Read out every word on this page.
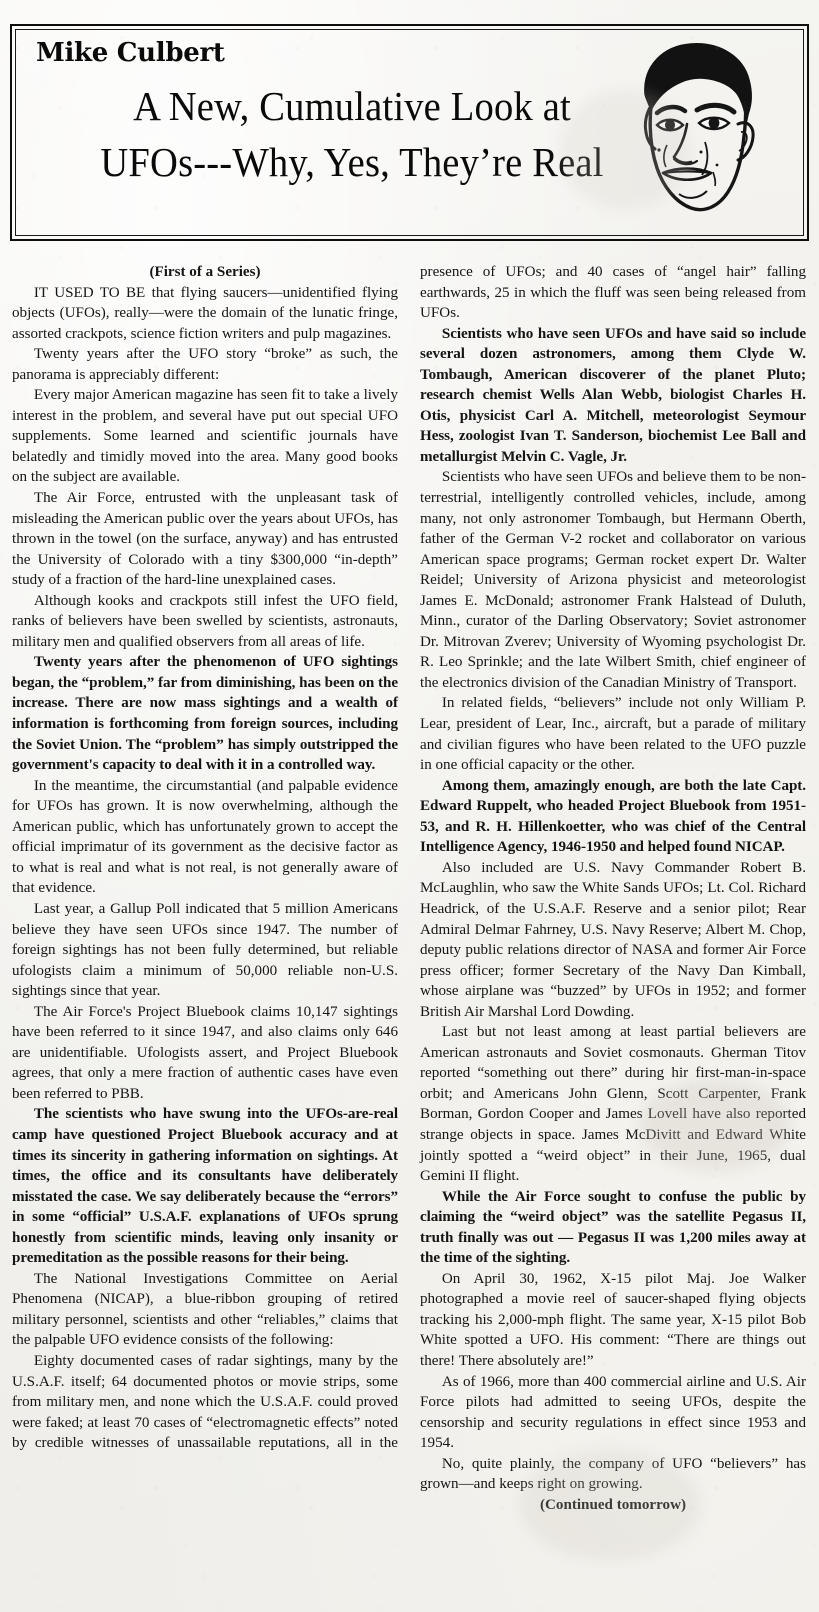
Mike Culbert
A New, Cumulative Look at
UFOs---Why, Yes, They’re Real

(First of a Series)

IT USED TO BE that flying saucers—unidentified flying objects (UFOs), really—were the domain of the lunatic fringe, assorted crackpots, science fiction writers and pulp magazines.

Twenty years after the UFO story “broke” as such, the panorama is appreciably different:

Every major American magazine has seen fit to take a lively interest in the problem, and several have put out special UFO supplements. Some learned and scientific journals have belatedly and timidly moved into the area. Many good books on the subject are available.

The Air Force, entrusted with the unpleasant task of misleading the American public over the years about UFOs, has thrown in the towel (on the surface, anyway) and has entrusted the University of Colorado with a tiny $300,000 “in-depth” study of a fraction of the hard-line unexplained cases.

Although kooks and crackpots still infest the UFO field, ranks of believers have been swelled by scientists, astronauts, military men and qualified observers from all areas of life.

Twenty years after the phenomenon of UFO sightings began, the “problem,” far from diminishing, has been on the increase. There are now mass sightings and a wealth of information is forthcoming from foreign sources, including the Soviet Union. The “problem” has simply outstripped the government's capacity to deal with it in a controlled way.

In the meantime, the circumstantial (and palpable evidence for UFOs has grown. It is now overwhelming, although the American public, which has unfortunately grown to accept the official imprimatur of its government as the decisive factor as to what is real and what is not real, is not generally aware of that evidence.

Last year, a Gallup Poll indicated that 5 million Americans believe they have seen UFOs since 1947. The number of foreign sightings has not been fully determined, but reliable ufologists claim a minimum of 50,000 reliable non-U.S. sightings since that year.

The Air Force's Project Bluebook claims 10,147 sightings have been referred to it since 1947, and also claims only 646 are unidentifiable. Ufologists assert, and Project Bluebook agrees, that only a mere fraction of authentic cases have even been referred to PBB.

The scientists who have swung into the UFOs-are-real camp have questioned Project Bluebook accuracy and at times its sincerity in gathering information on sightings. At times, the office and its consultants have deliberately misstated the case. We say deliberately because the “errors” in some “official” U.S.A.F. explanations of UFOs sprung honestly from scientific minds, leaving only insanity or premeditation as the possible reasons for their being.

The National Investigations Committee on Aerial Phenomena (NICAP), a blue-ribbon grouping of retired military personnel, scientists and other “reliables,” claims that the palpable UFO evidence consists of the following:

Eighty documented cases of radar sightings, many by the U.S.A.F. itself; 64 documented photos or movie strips, some from military men, and none which the U.S.A.F. could proved were faked; at least 70 cases of “electromagnetic effects” noted by credible witnesses of unassailable reputations, all in the

presence of UFOs; and 40 cases of “angel hair” falling earthwards, 25 in which the fluff was seen being released from UFOs.

Scientists who have seen UFOs and have said so include several dozen astronomers, among them Clyde W. Tombaugh, American discoverer of the planet Pluto; research chemist Wells Alan Webb, biologist Charles H. Otis, physicist Carl A. Mitchell, meteorologist Seymour Hess, zoologist Ivan T. Sanderson, biochemist Lee Ball and metallurgist Melvin C. Vagle, Jr.

Scientists who have seen UFOs and believe them to be non-terrestrial, intelligently controlled vehicles, include, among many, not only astronomer Tombaugh, but Hermann Oberth, father of the German V-2 rocket and collaborator on various American space programs; German rocket expert Dr. Walter Reidel; University of Arizona physicist and meteorologist James E. McDonald; astronomer Frank Halstead of Duluth, Minn., curator of the Darling Observatory; Soviet astronomer Dr. Mitrovan Zverev; University of Wyoming psychologist Dr. R. Leo Sprinkle; and the late Wilbert Smith, chief engineer of the electronics division of the Canadian Ministry of Transport.

In related fields, “believers” include not only William P. Lear, president of Lear, Inc., aircraft, but a parade of military and civilian figures who have been related to the UFO puzzle in one official capacity or the other.

Among them, amazingly enough, are both the late Capt. Edward Ruppelt, who headed Project Bluebook from 1951-53, and R. H. Hillenkoetter, who was chief of the Central Intelligence Agency, 1946-1950 and helped found NICAP.

Also included are U.S. Navy Commander Robert B. McLaughlin, who saw the White Sands UFOs; Lt. Col. Richard Headrick, of the U.S.A.F. Reserve and a senior pilot; Rear Admiral Delmar Fahrney, U.S. Navy Reserve; Albert M. Chop, deputy public relations director of NASA and former Air Force press officer; former Secretary of the Navy Dan Kimball, whose airplane was “buzzed” by UFOs in 1952; and former British Air Marshal Lord Dowding.

Last but not least among at least partial believers are American astronauts and Soviet cosmonauts. Gherman Titov reported “something out there” during hir first-man-in-space orbit; and Americans John Glenn, Scott Carpenter, Frank Borman, Gordon Cooper and James Lovell have also reported strange objects in space. James McDivitt and Edward White jointly spotted a “weird object” in their June, 1965, dual Gemini II flight.

While the Air Force sought to confuse the public by claiming the “weird object” was the satellite Pegasus II, truth finally was out — Pegasus II was 1,200 miles away at the time of the sighting.

On April 30, 1962, X-15 pilot Maj. Joe Walker photographed a movie reel of saucer-shaped flying objects tracking his 2,000-mph flight. The same year, X-15 pilot Bob White spotted a UFO. His comment: “There are things out there! There absolutely are!”

As of 1966, more than 400 commercial airline and U.S. Air Force pilots had admitted to seeing UFOs, despite the censorship and security regulations in effect since 1953 and 1954.

No, quite plainly, the company of UFO “believers” has grown—and keeps right on growing.

(Continued tomorrow)
